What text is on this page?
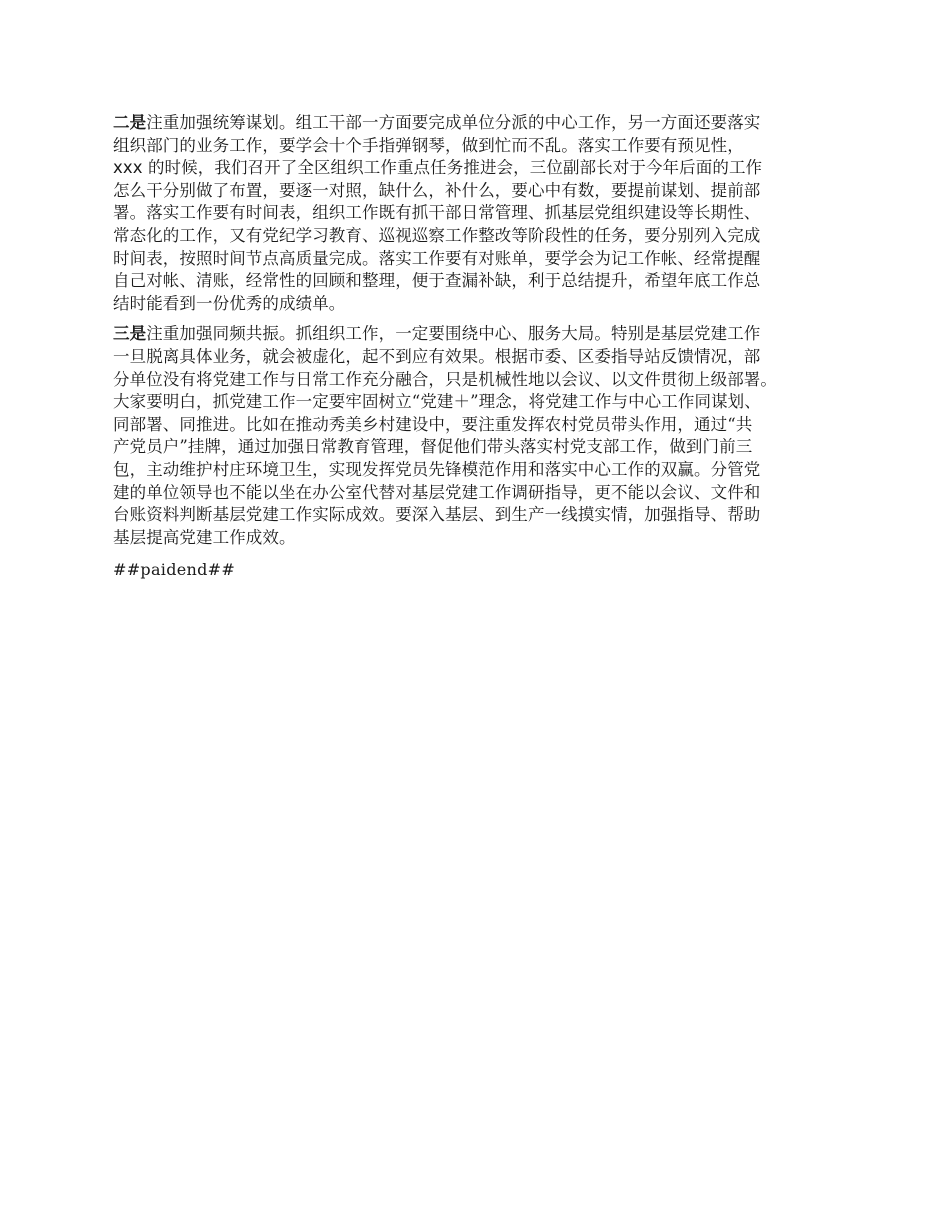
二是注重加强统筹谋划。组工干部一方面要完成单位分派的中心工作，另一方面还要落实
组织部门的业务工作，要学会十个手指弹钢琴，做到忙而不乱。落实工作要有预见性，
xxx 的时候，我们召开了全区组织工作重点任务推进会，三位副部长对于今年后面的工作
怎么干分别做了布置，要逐一对照，缺什么，补什么，要心中有数，要提前谋划、提前部
署。落实工作要有时间表，组织工作既有抓干部日常管理、抓基层党组织建设等长期性、
常态化的工作，又有党纪学习教育、巡视巡察工作整改等阶段性的任务，要分别列入完成
时间表，按照时间节点高质量完成。落实工作要有对账单，要学会为记工作帐、经常提醒
自己对帐、清账，经常性的回顾和整理，便于查漏补缺，利于总结提升，希望年底工作总
结时能看到一份优秀的成绩单。

三是注重加强同频共振。抓组织工作，一定要围绕中心、服务大局。特别是基层党建工作
一旦脱离具体业务，就会被虚化，起不到应有效果。根据市委、区委指导站反馈情况，部
分单位没有将党建工作与日常工作充分融合，只是机械性地以会议、以文件贯彻上级部署。
大家要明白，抓党建工作一定要牢固树立“党建＋”理念，将党建工作与中心工作同谋划、
同部署、同推进。比如在推动秀美乡村建设中，要注重发挥农村党员带头作用，通过“共
产党员户”挂牌，通过加强日常教育管理，督促他们带头落实村党支部工作，做到门前三
包，主动维护村庄环境卫生，实现发挥党员先锋模范作用和落实中心工作的双赢。分管党
建的单位领导也不能以坐在办公室代替对基层党建工作调研指导，更不能以会议、文件和
台账资料判断基层党建工作实际成效。要深入基层、到生产一线摸实情，加强指导、帮助
基层提高党建工作成效。

##paidend##
